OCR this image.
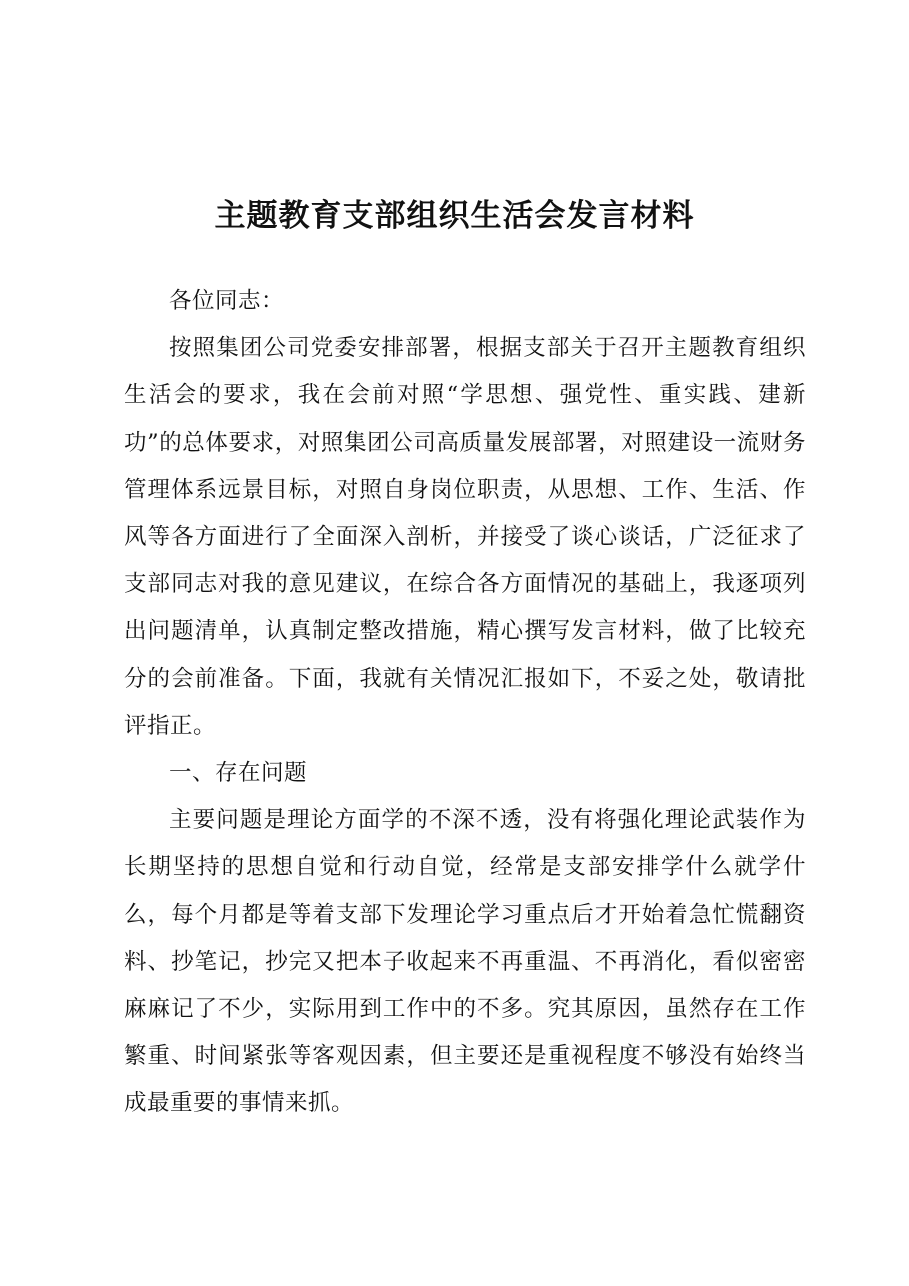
主题教育支部组织生活会发言材料

各位同志：

按照集团公司党委安排部署，根据支部关于召开主题教育组织生活会的要求，我在会前对照“学思想、强党性、重实践、建新功”的总体要求，对照集团公司高质量发展部署，对照建设一流财务管理体系远景目标，对照自身岗位职责，从思想、工作、生活、作风等各方面进行了全面深入剖析，并接受了谈心谈话，广泛征求了支部同志对我的意见建议，在综合各方面情况的基础上，我逐项列出问题清单，认真制定整改措施，精心撰写发言材料，做了比较充分的会前准备。下面，我就有关情况汇报如下，不妥之处，敬请批评指正。

一、存在问题

主要问题是理论方面学的不深不透，没有将强化理论武装作为长期坚持的思想自觉和行动自觉，经常是支部安排学什么就学什么，每个月都是等着支部下发理论学习重点后才开始着急忙慌翻资料、抄笔记，抄完又把本子收起来不再重温、不再消化，看似密密麻麻记了不少，实际用到工作中的不多。究其原因，虽然存在工作繁重、时间紧张等客观因素，但主要还是重视程度不够没有始终当成最重要的事情来抓。
